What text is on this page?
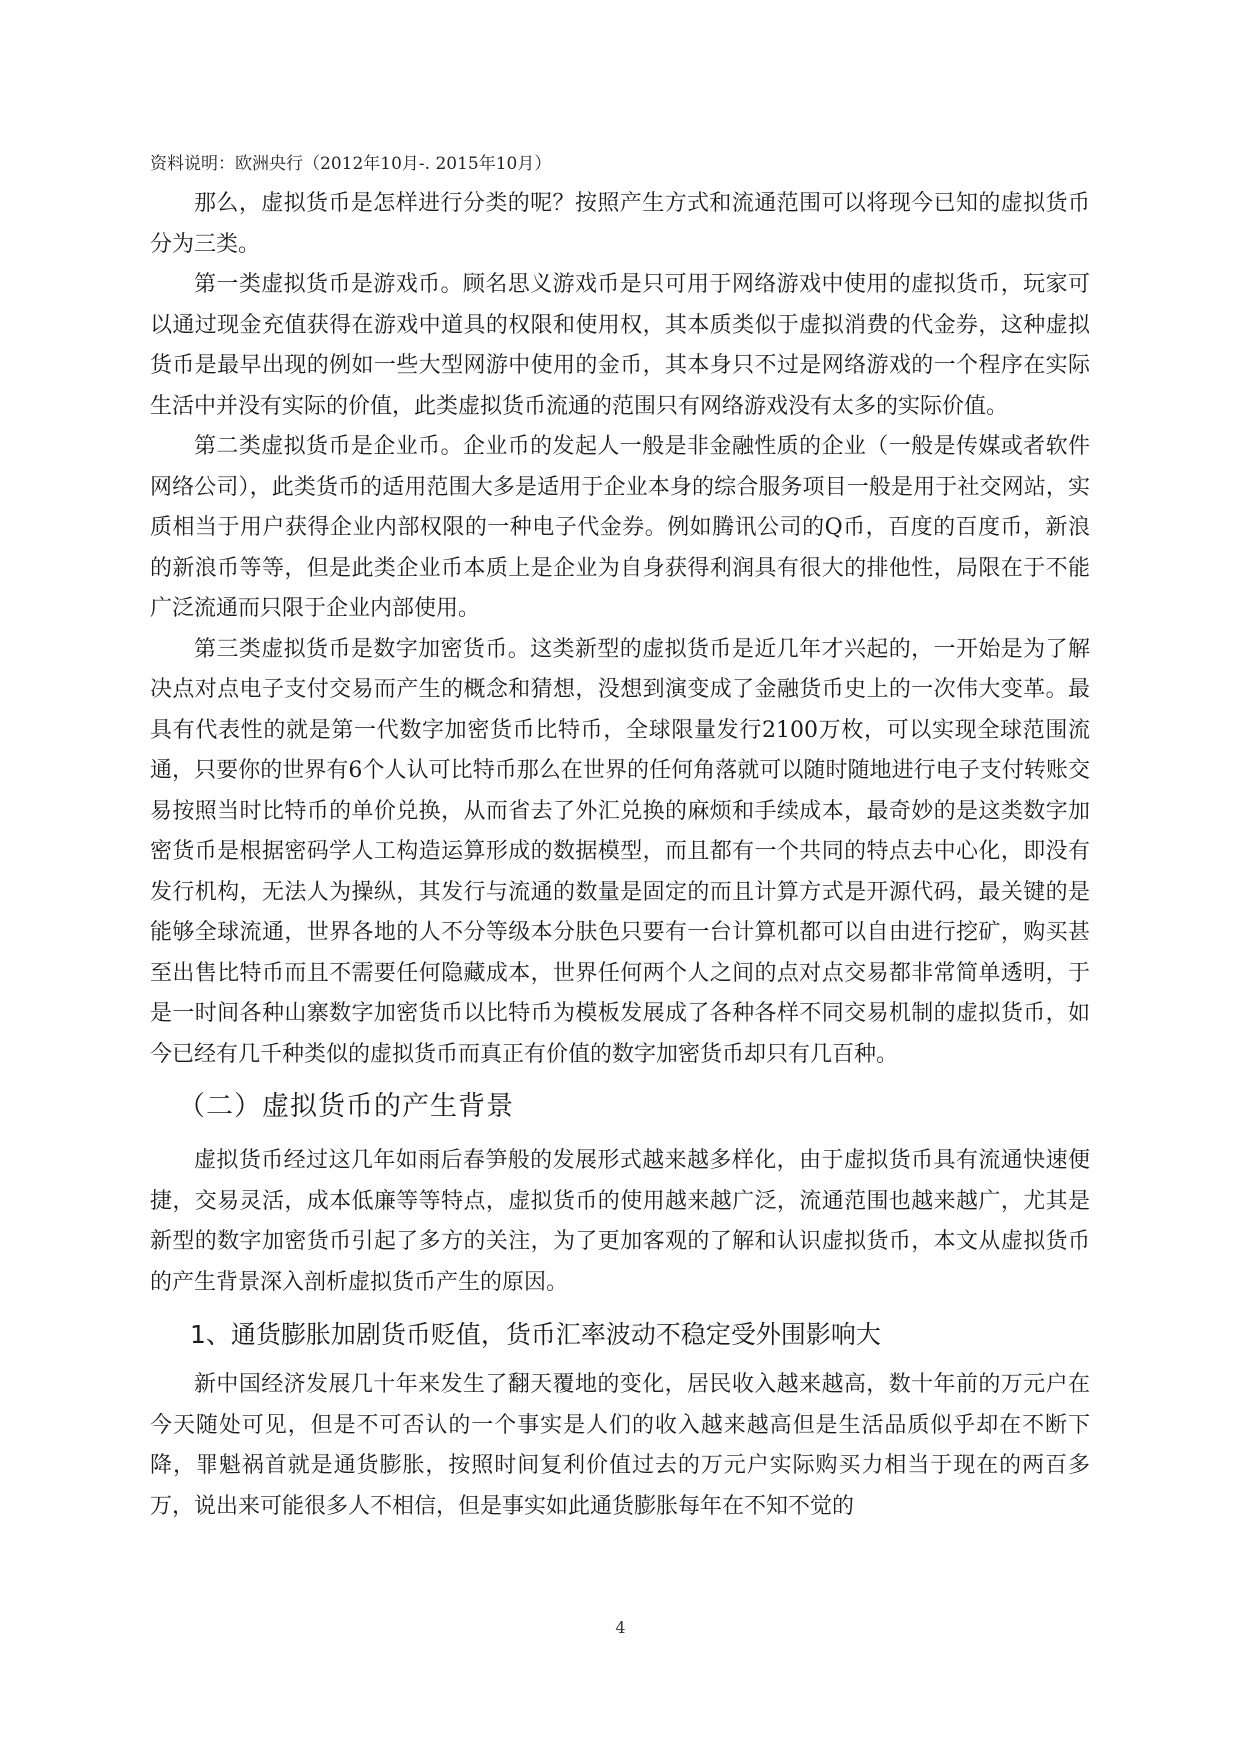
资料说明：欧洲央行（2012年10月-. 2015年10月）

那么，虚拟货币是怎样进行分类的呢？按照产生方式和流通范围可以将现今已知的虚拟货币分为三类。

第一类虚拟货币是游戏币。顾名思义游戏币是只可用于网络游戏中使用的虚拟货币，玩家可以通过现金充值获得在游戏中道具的权限和使用权，其本质类似于虚拟消费的代金券，这种虚拟货币是最早出现的例如一些大型网游中使用的金币，其本身只不过是网络游戏的一个程序在实际生活中并没有实际的价值，此类虚拟货币流通的范围只有网络游戏没有太多的实际价值。

第二类虚拟货币是企业币。企业币的发起人一般是非金融性质的企业（一般是传媒或者软件网络公司），此类货币的适用范围大多是适用于企业本身的综合服务项目一般是用于社交网站，实质相当于用户获得企业内部权限的一种电子代金券。例如腾讯公司的Q币，百度的百度币，新浪的新浪币等等，但是此类企业币本质上是企业为自身获得利润具有很大的排他性，局限在于不能广泛流通而只限于企业内部使用。

第三类虚拟货币是数字加密货币。这类新型的虚拟货币是近几年才兴起的，一开始是为了解决点对点电子支付交易而产生的概念和猜想，没想到演变成了金融货币史上的一次伟大变革。最具有代表性的就是第一代数字加密货币比特币，全球限量发行2100万枚，可以实现全球范围流通，只要你的世界有6个人认可比特币那么在世界的任何角落就可以随时随地进行电子支付转账交易按照当时比特币的单价兑换，从而省去了外汇兑换的麻烦和手续成本，最奇妙的是这类数字加密货币是根据密码学人工构造运算形成的数据模型，而且都有一个共同的特点去中心化，即没有发行机构，无法人为操纵，其发行与流通的数量是固定的而且计算方式是开源代码，最关键的是能够全球流通，世界各地的人不分等级本分肤色只要有一台计算机都可以自由进行挖矿，购买甚至出售比特币而且不需要任何隐藏成本，世界任何两个人之间的点对点交易都非常简单透明，于是一时间各种山寨数字加密货币以比特币为模板发展成了各种各样不同交易机制的虚拟货币，如今已经有几千种类似的虚拟货币而真正有价值的数字加密货币却只有几百种。

（二）虚拟货币的产生背景

虚拟货币经过这几年如雨后春笋般的发展形式越来越多样化，由于虚拟货币具有流通快速便捷，交易灵活，成本低廉等等特点，虚拟货币的使用越来越广泛，流通范围也越来越广，尤其是新型的数字加密货币引起了多方的关注，为了更加客观的了解和认识虚拟货币，本文从虚拟货币的产生背景深入剖析虚拟货币产生的原因。

1、通货膨胀加剧货币贬值，货币汇率波动不稳定受外围影响大

新中国经济发展几十年来发生了翻天覆地的变化，居民收入越来越高，数十年前的万元户在今天随处可见，但是不可否认的一个事实是人们的收入越来越高但是生活品质似乎却在不断下降，罪魁祸首就是通货膨胀，按照时间复利价值过去的万元户实际购买力相当于现在的两百多万，说出来可能很多人不相信，但是事实如此通货膨胀每年在不知不觉的

4
